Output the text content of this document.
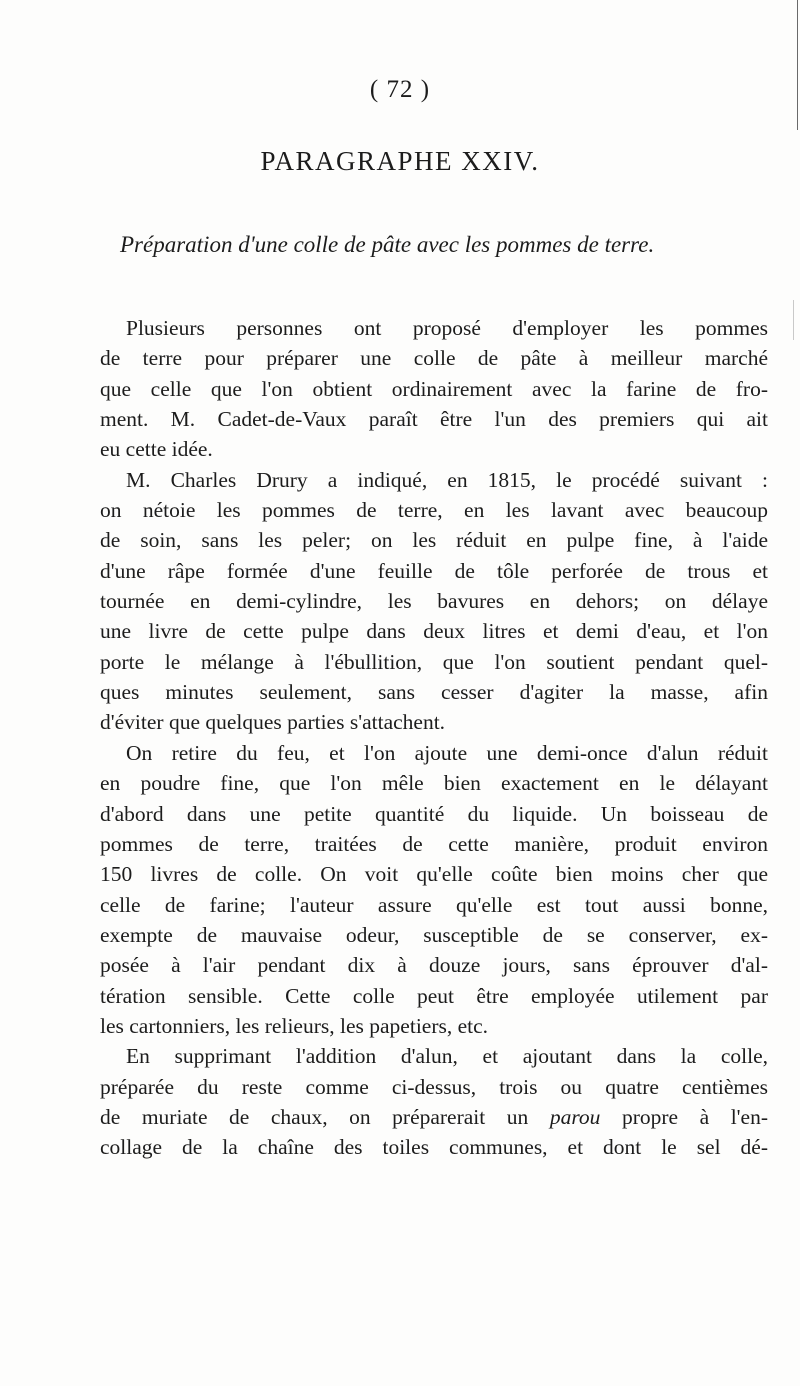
( 72 )
PARAGRAPHE XXIV.
Préparation d'une colle de pâte avec les pommes de terre.
Plusieurs personnes ont proposé d'employer les pommes
de terre pour préparer une colle de pâte à meilleur marché
que celle que l'on obtient ordinairement avec la farine de fro-
ment. M. Cadet-de-Vaux paraît être l'un des premiers qui ait
eu cette idée.
M. Charles Drury a indiqué, en 1815, le procédé suivant :
on nétoie les pommes de terre, en les lavant avec beaucoup
de soin, sans les peler; on les réduit en pulpe fine, à l'aide
d'une râpe formée d'une feuille de tôle perforée de trous et
tournée en demi-cylindre, les bavures en dehors; on délaye
une livre de cette pulpe dans deux litres et demi d'eau, et l'on
porte le mélange à l'ébullition, que l'on soutient pendant quel-
ques minutes seulement, sans cesser d'agiter la masse, afin
d'éviter que quelques parties s'attachent.
On retire du feu, et l'on ajoute une demi-once d'alun réduit
en poudre fine, que l'on mêle bien exactement en le délayant
d'abord dans une petite quantité du liquide. Un boisseau de
pommes de terre, traitées de cette manière, produit environ
150 livres de colle. On voit qu'elle coûte bien moins cher que
celle de farine; l'auteur assure qu'elle est tout aussi bonne,
exempte de mauvaise odeur, susceptible de se conserver, ex-
posée à l'air pendant dix à douze jours, sans éprouver d'al-
tération sensible. Cette colle peut être employée utilement par
les cartonniers, les relieurs, les papetiers, etc.
En supprimant l'addition d'alun, et ajoutant dans la colle,
préparée du reste comme ci-dessus, trois ou quatre centièmes
de muriate de chaux, on préparerait un parou propre à l'en-
collage de la chaîne des toiles communes, et dont le sel dé-
